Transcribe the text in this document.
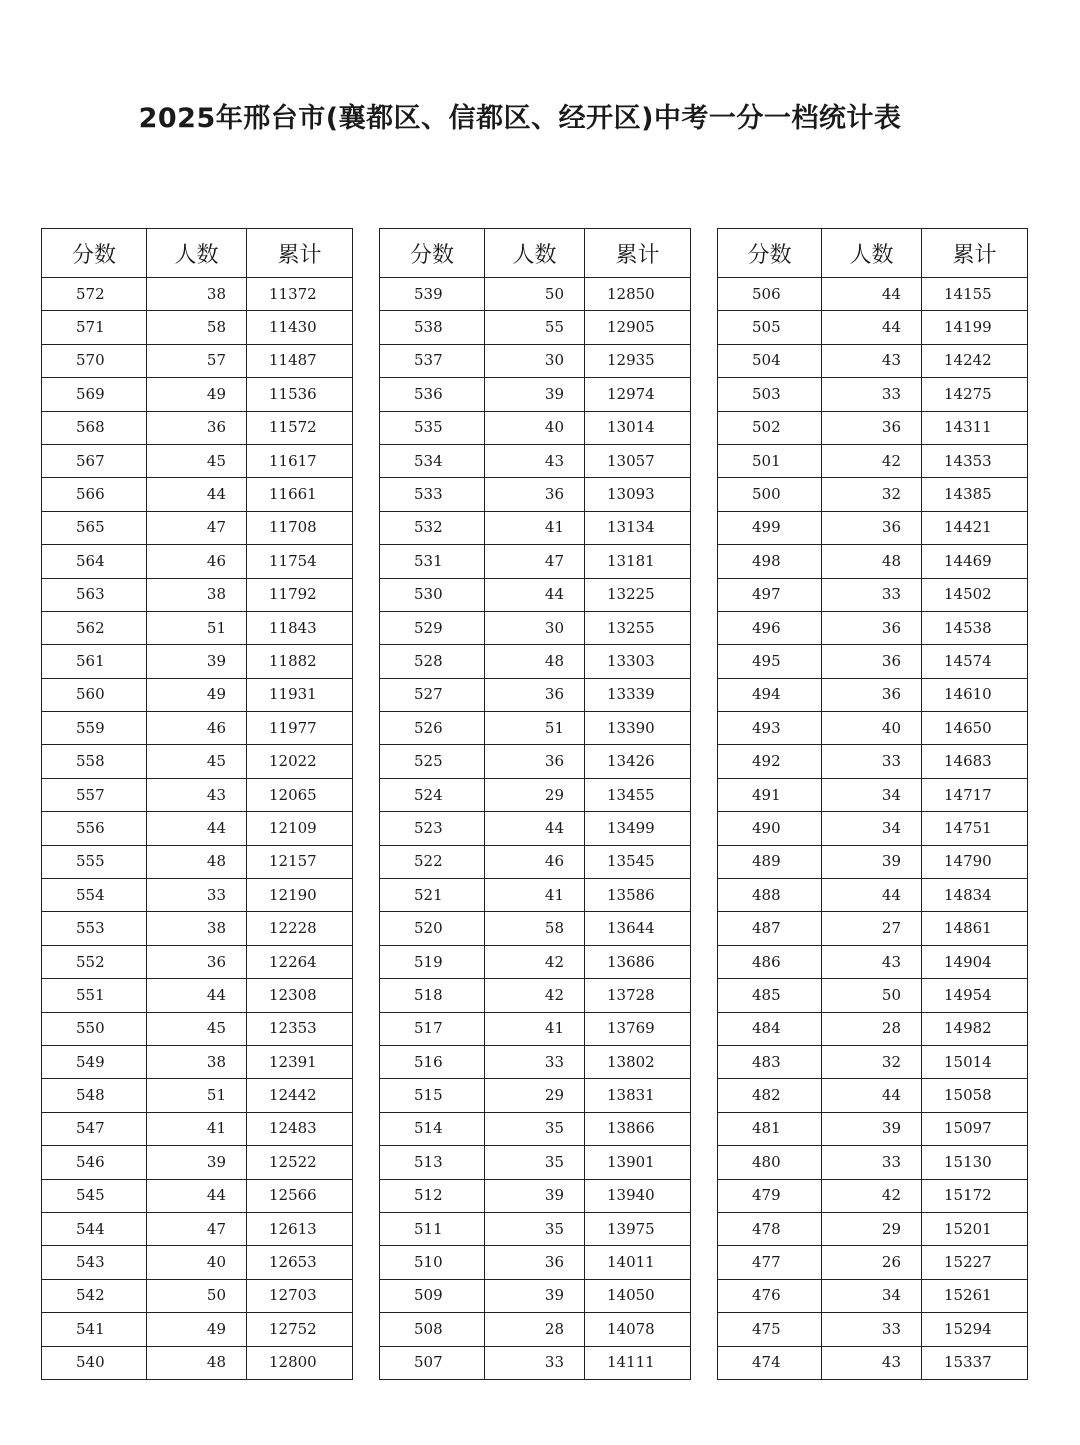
2025年邢台市(襄都区、信都区、经开区)中考一分一档统计表
分数	人数	累计
572	38	11372
571	58	11430
570	57	11487
569	49	11536
568	36	11572
567	45	11617
566	44	11661
565	47	11708
564	46	11754
563	38	11792
562	51	11843
561	39	11882
560	49	11931
559	46	11977
558	45	12022
557	43	12065
556	44	12109
555	48	12157
554	33	12190
553	38	12228
552	36	12264
551	44	12308
550	45	12353
549	38	12391
548	51	12442
547	41	12483
546	39	12522
545	44	12566
544	47	12613
543	40	12653
542	50	12703
541	49	12752
540	48	12800
分数	人数	累计
539	50	12850
538	55	12905
537	30	12935
536	39	12974
535	40	13014
534	43	13057
533	36	13093
532	41	13134
531	47	13181
530	44	13225
529	30	13255
528	48	13303
527	36	13339
526	51	13390
525	36	13426
524	29	13455
523	44	13499
522	46	13545
521	41	13586
520	58	13644
519	42	13686
518	42	13728
517	41	13769
516	33	13802
515	29	13831
514	35	13866
513	35	13901
512	39	13940
511	35	13975
510	36	14011
509	39	14050
508	28	14078
507	33	14111
分数	人数	累计
506	44	14155
505	44	14199
504	43	14242
503	33	14275
502	36	14311
501	42	14353
500	32	14385
499	36	14421
498	48	14469
497	33	14502
496	36	14538
495	36	14574
494	36	14610
493	40	14650
492	33	14683
491	34	14717
490	34	14751
489	39	14790
488	44	14834
487	27	14861
486	43	14904
485	50	14954
484	28	14982
483	32	15014
482	44	15058
481	39	15097
480	33	15130
479	42	15172
478	29	15201
477	26	15227
476	34	15261
475	33	15294
474	43	15337
